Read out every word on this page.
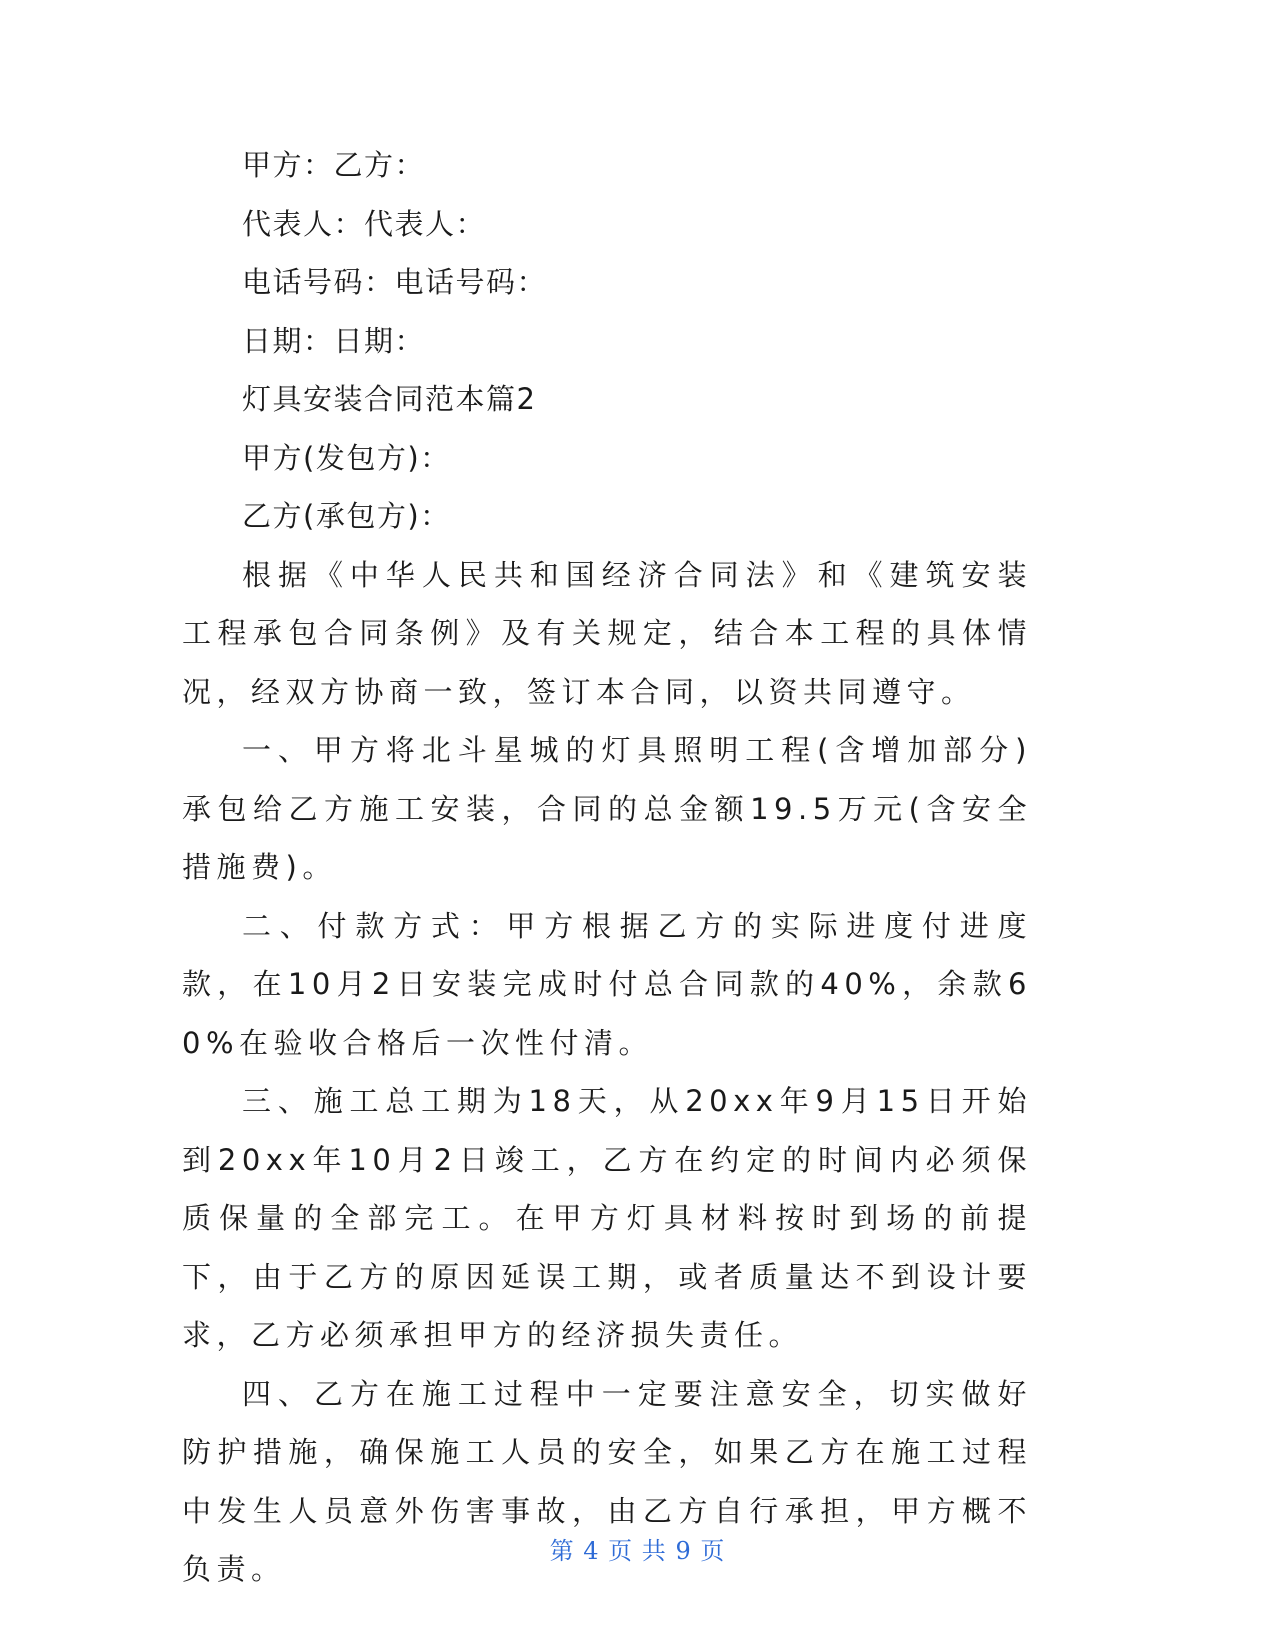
甲方：乙方：

代表人：代表人：

电话号码：电话号码：

日期：日期：

灯具安装合同范本篇2

甲方(发包方)：

乙方(承包方)：

根据《中华人民共和国经济合同法》和《建筑安装工程承包合同条例》及有关规定，结合本工程的具体情况，经双方协商一致，签订本合同，以资共同遵守。

一、甲方将北斗星城的灯具照明工程(含增加部分)承包给乙方施工安装，合同的总金额19.5万元(含安全措施费)。

二、付款方式：甲方根据乙方的实际进度付进度款，在10月2日安装完成时付总合同款的40%，余款60%在验收合格后一次性付清。

三、施工总工期为18天，从20xx年9月15日开始到20xx年10月2日竣工，乙方在约定的时间内必须保质保量的全部完工。在甲方灯具材料按时到场的前提下，由于乙方的原因延误工期，或者质量达不到设计要求，乙方必须承担甲方的经济损失责任。

四、乙方在施工过程中一定要注意安全，切实做好防护措施，确保施工人员的安全，如果乙方在施工过程中发生人员意外伤害事故，由乙方自行承担，甲方概不负责。

第 4 页 共 9 页
